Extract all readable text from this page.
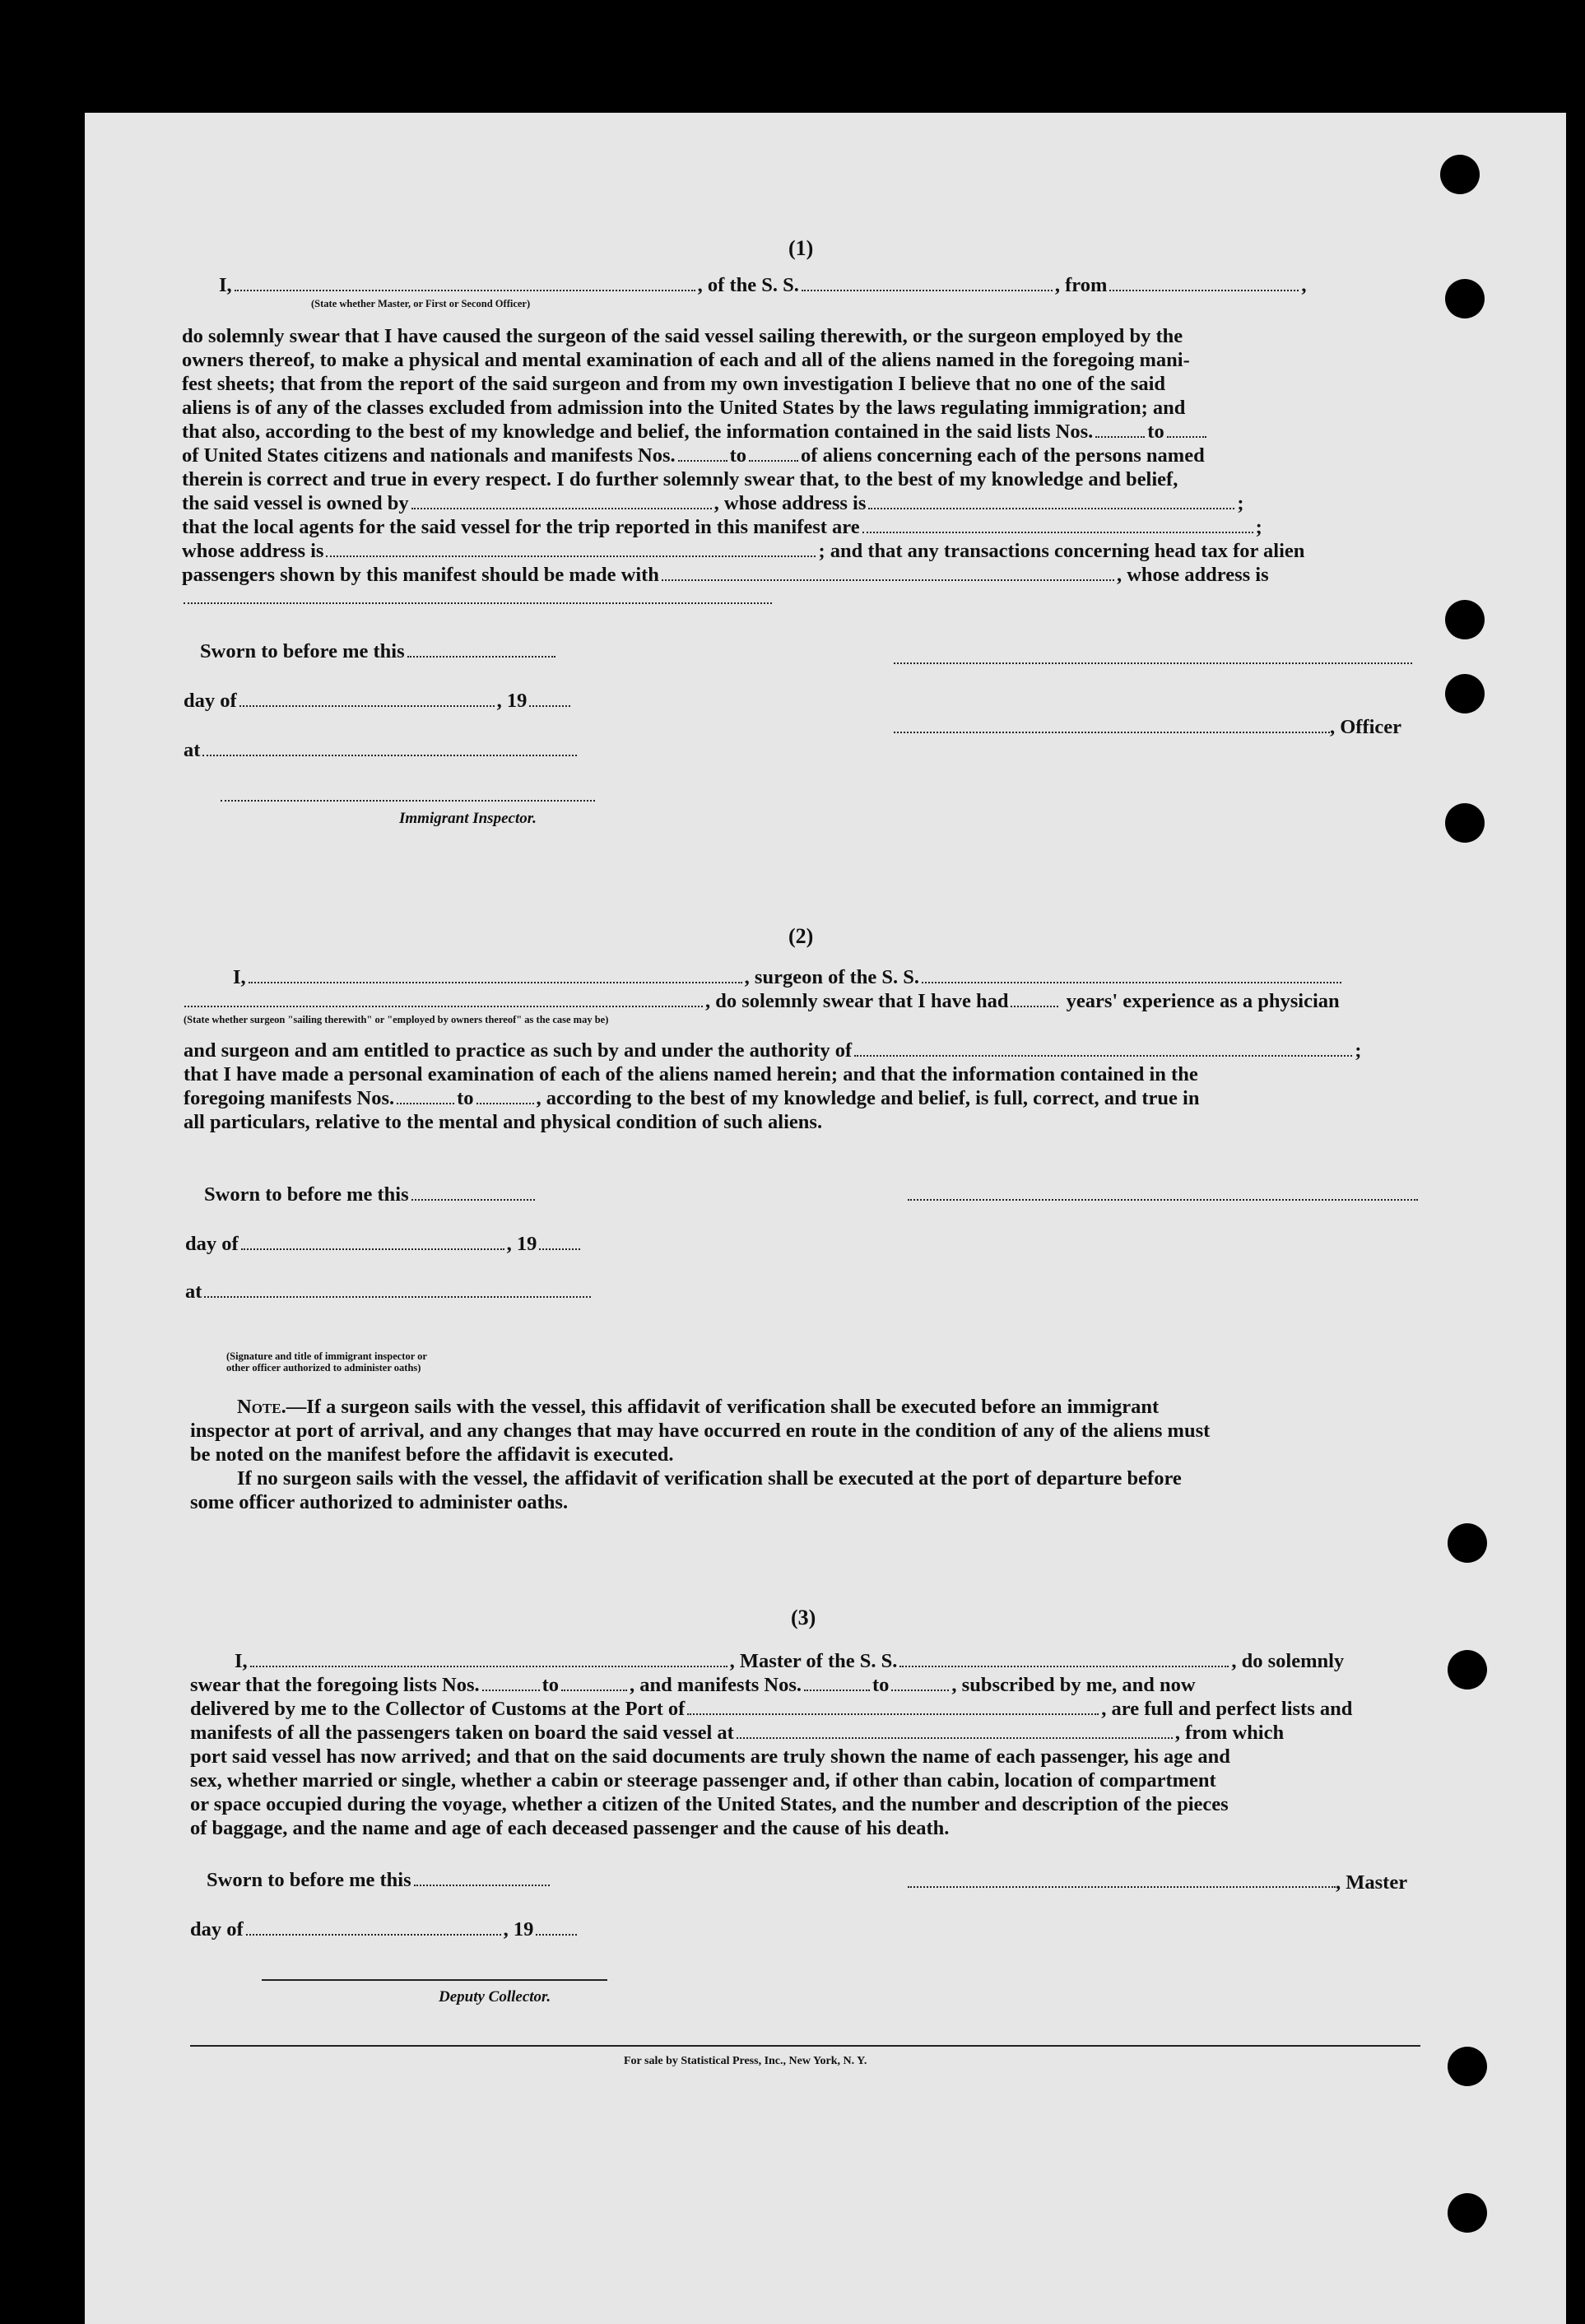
(1)
I,	, of the S. S.	, from	,
(State whether Master, or First or Second Officer)
do solemnly swear that I have caused the surgeon of the said vessel sailing therewith, or the surgeon employed by the
owners thereof, to make a physical and mental examination of each and all of the aliens named in the foregoing mani-
fest sheets; that from the report of the said surgeon and from my own investigation I believe that no one of the said
aliens is of any of the classes excluded from admission into the United States by the laws regulating immigration; and
that also, according to the best of my knowledge and belief, the information contained in the said lists Nos.	to
of United States citizens and nationals and manifests Nos.	to	of aliens concerning each of the persons named
therein is correct and true in every respect. I do further solemnly swear that, to the best of my knowledge and belief,
the said vessel is owned by	, whose address is	;
that the local agents for the said vessel for the trip reported in this manifest are	;
whose address is	; and that any transactions concerning head tax for alien
passengers shown by this manifest should be made with	, whose address is
Sworn to before me this
day of	, 19
at
Immigrant Inspector.
, Officer
(2)
I,	, surgeon of the S. S.
, do solemnly swear that I have had	years' experience as a physician
(State whether surgeon "sailing therewith" or "employed by owners thereof" as the case may be)
and surgeon and am entitled to practice as such by and under the authority of	;
that I have made a personal examination of each of the aliens named herein; and that the information contained in the
foregoing manifests Nos.	to	, according to the best of my knowledge and belief, is full, correct, and true in
all particulars, relative to the mental and physical condition of such aliens.
Sworn to before me this
day of	, 19
at
(Signature and title of immigrant inspector or
other officer authorized to administer oaths)
Note.—If a surgeon sails with the vessel, this affidavit of verification shall be executed before an immigrant
inspector at port of arrival, and any changes that may have occurred en route in the condition of any of the aliens must
be noted on the manifest before the affidavit is executed.
If no surgeon sails with the vessel, the affidavit of verification shall be executed at the port of departure before
some officer authorized to administer oaths.
(3)
I,	, Master of the S. S.	, do solemnly
swear that the foregoing lists Nos.	to	, and manifests Nos.	to	, subscribed by me, and now
delivered by me to the Collector of Customs at the Port of	, are full and perfect lists and
manifests of all the passengers taken on board the said vessel at	, from which
port said vessel has now arrived; and that on the said documents are truly shown the name of each passenger, his age and
sex, whether married or single, whether a cabin or steerage passenger and, if other than cabin, location of compartment
or space occupied during the voyage, whether a citizen of the United States, and the number and description of the pieces
of baggage, and the name and age of each deceased passenger and the cause of his death.
Sworn to before me this	, Master
day of	, 19
Deputy Collector.
For sale by Statistical Press, Inc., New York, N. Y.
